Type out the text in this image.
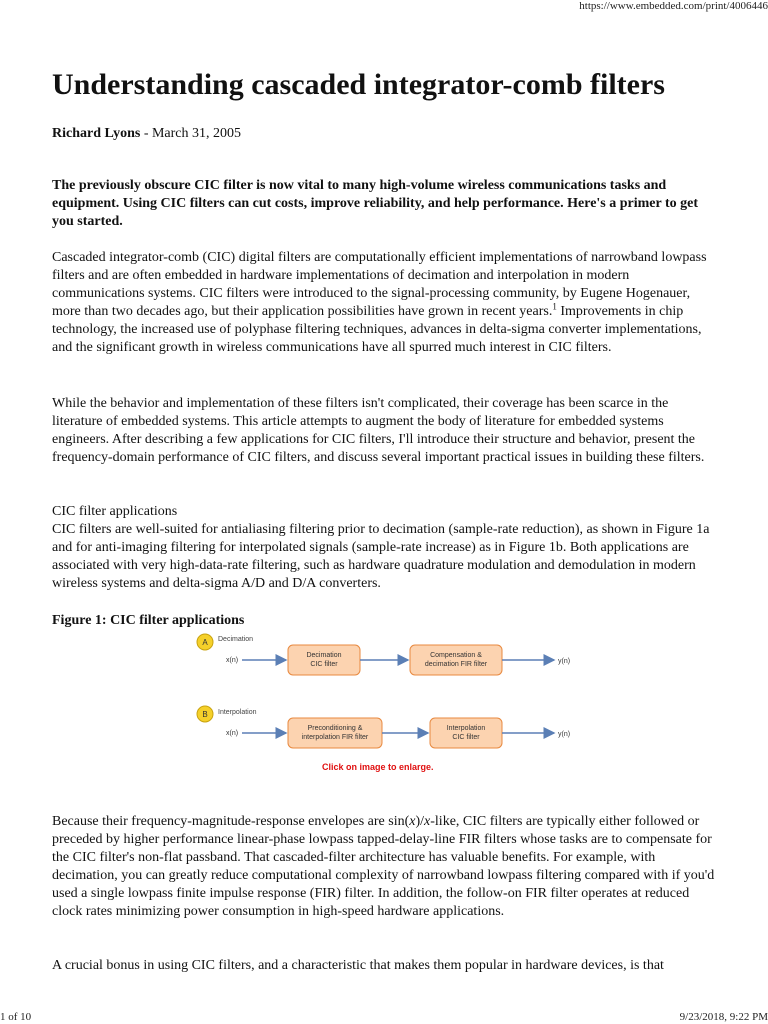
https://www.embedded.com/print/4006446
Understanding cascaded integrator-comb filters
Richard Lyons - March 31, 2005

The previously obscure CIC filter is now vital to many high-volume wireless communications tasks and equipment. Using CIC filters can cut costs, improve reliability, and help performance. Here's a primer to get you started.

Cascaded integrator-comb (CIC) digital filters are computationally efficient implementations of narrowband lowpass filters and are often embedded in hardware implementations of decimation and interpolation in modern communications systems. CIC filters were introduced to the signal-processing community, by Eugene Hogenauer, more than two decades ago, but their application possibilities have grown in recent years.$^1$ Improvements in chip technology, the increased use of polyphase filtering techniques, advances in delta-sigma converter implementations, and the significant growth in wireless communications have all spurred much interest in CIC filters.

While the behavior and implementation of these filters isn't complicated, their coverage has been scarce in the literature of embedded systems. This article attempts to augment the body of literature for embedded systems engineers. After describing a few applications for CIC filters, I'll introduce their structure and behavior, present the frequency-domain performance of CIC filters, and discuss several important practical issues in building these filters.

CIC filter applications

CIC filters are well-suited for antialiasing filtering prior to decimation (sample-rate reduction), as shown in Figure 1a and for anti-imaging filtering for interpolated signals (sample-rate increase) as in Figure 1b. Both applications are associated with very high-data-rate filtering, such as hardware quadrature modulation and demodulation in modern wireless systems and delta-sigma A/D and D/A converters.

Figure 1: CIC filter applications
A Decimation
x(n)
Decimation
CIC filter
Compensation &
decimation FIR filter	y(n)
B Interpolation
x(n)
Preconditioning &
interpolation FIR filter
Interpolation
CIC filter	y(n)
Click on image to enlarge.

Because their frequency-magnitude-response envelopes are sin(x)/x-like, CIC filters are typically either followed or preceded by higher performance linear-phase lowpass tapped-delay-line FIR filters whose tasks are to compensate for the CIC filter's non-flat passband. That cascaded-filter architecture has valuable benefits. For example, with decimation, you can greatly reduce computational complexity of narrowband lowpass filtering compared with if you'd used a single lowpass finite impulse response (FIR) filter. In addition, the follow-on FIR filter operates at reduced clock rates minimizing power consumption in high-speed hardware applications.

A crucial bonus in using CIC filters, and a characteristic that makes them popular in hardware devices, is that

1 of 10	9/23/2018, 9:22 PM
